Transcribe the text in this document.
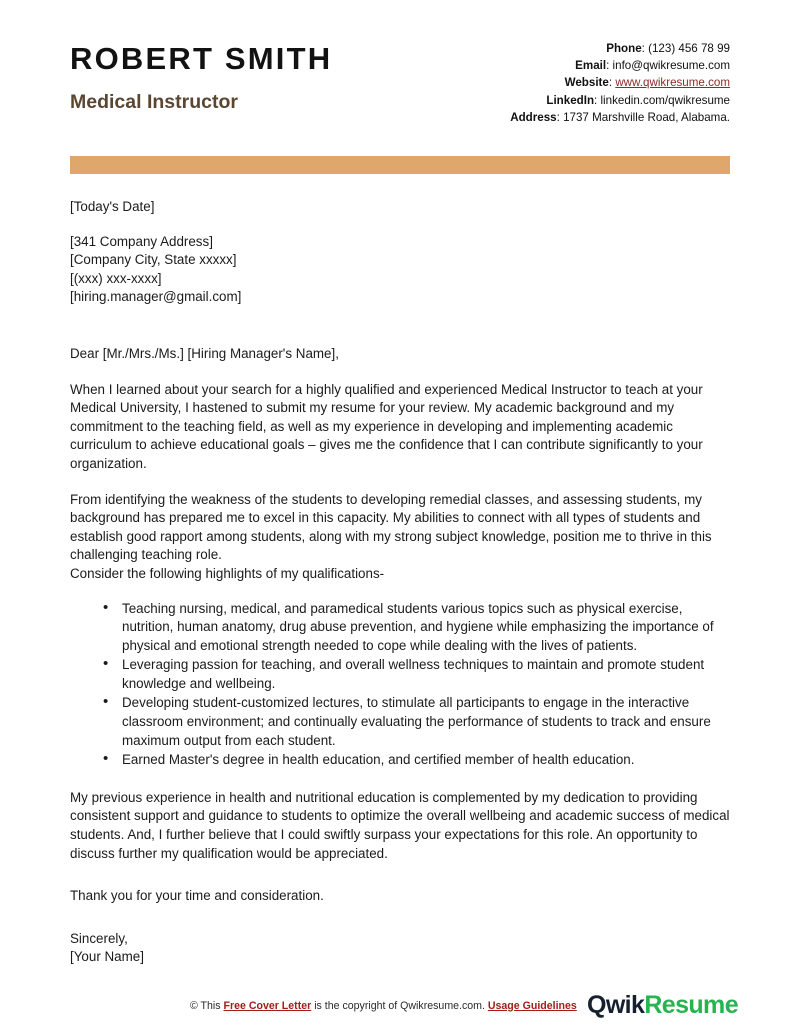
ROBERT SMITH
Medical Instructor
Phone: (123) 456 78 99
Email: info@qwikresume.com
Website: www.qwikresume.com
LinkedIn: linkedin.com/qwikresume
Address: 1737 Marshville Road, Alabama.

[Today's Date]

[341 Company Address]

[Company City, State xxxxx]

[(xxx) xxx-xxxx]

[hiring.manager@gmail.com]

Dear [Mr./Mrs./Ms.] [Hiring Manager's Name],

When I learned about your search for a highly qualified and experienced Medical Instructor to teach at your Medical University, I hastened to submit my resume for your review. My academic background and my commitment to the teaching field, as well as my experience in developing and implementing academic curriculum to achieve educational goals – gives me the confidence that I can contribute significantly to your organization.

From identifying the weakness of the students to developing remedial classes, and assessing students, my background has prepared me to excel in this capacity. My abilities to connect with all types of students and establish good rapport among students, along with my strong subject knowledge, position me to thrive in this challenging teaching role.

Consider the following highlights of my qualifications-

• Teaching nursing, medical, and paramedical students various topics such as physical exercise, nutrition, human anatomy, drug abuse prevention, and hygiene while emphasizing the importance of physical and emotional strength needed to cope while dealing with the lives of patients.
• Leveraging passion for teaching, and overall wellness techniques to maintain and promote student knowledge and wellbeing.
• Developing student-customized lectures, to stimulate all participants to engage in the interactive classroom environment; and continually evaluating the performance of students to track and ensure maximum output from each student.
• Earned Master's degree in health education, and certified member of health education.

My previous experience in health and nutritional education is complemented by my dedication to providing consistent support and guidance to students to optimize the overall wellbeing and academic success of medical students. And, I further believe that I could swiftly surpass your expectations for this role. An opportunity to discuss further my qualification would be appreciated.

Thank you for your time and consideration.

Sincerely,
[Your Name]
© This Free Cover Letter is the copyright of Qwikresume.com. Usage Guidelines Qwik Resume
